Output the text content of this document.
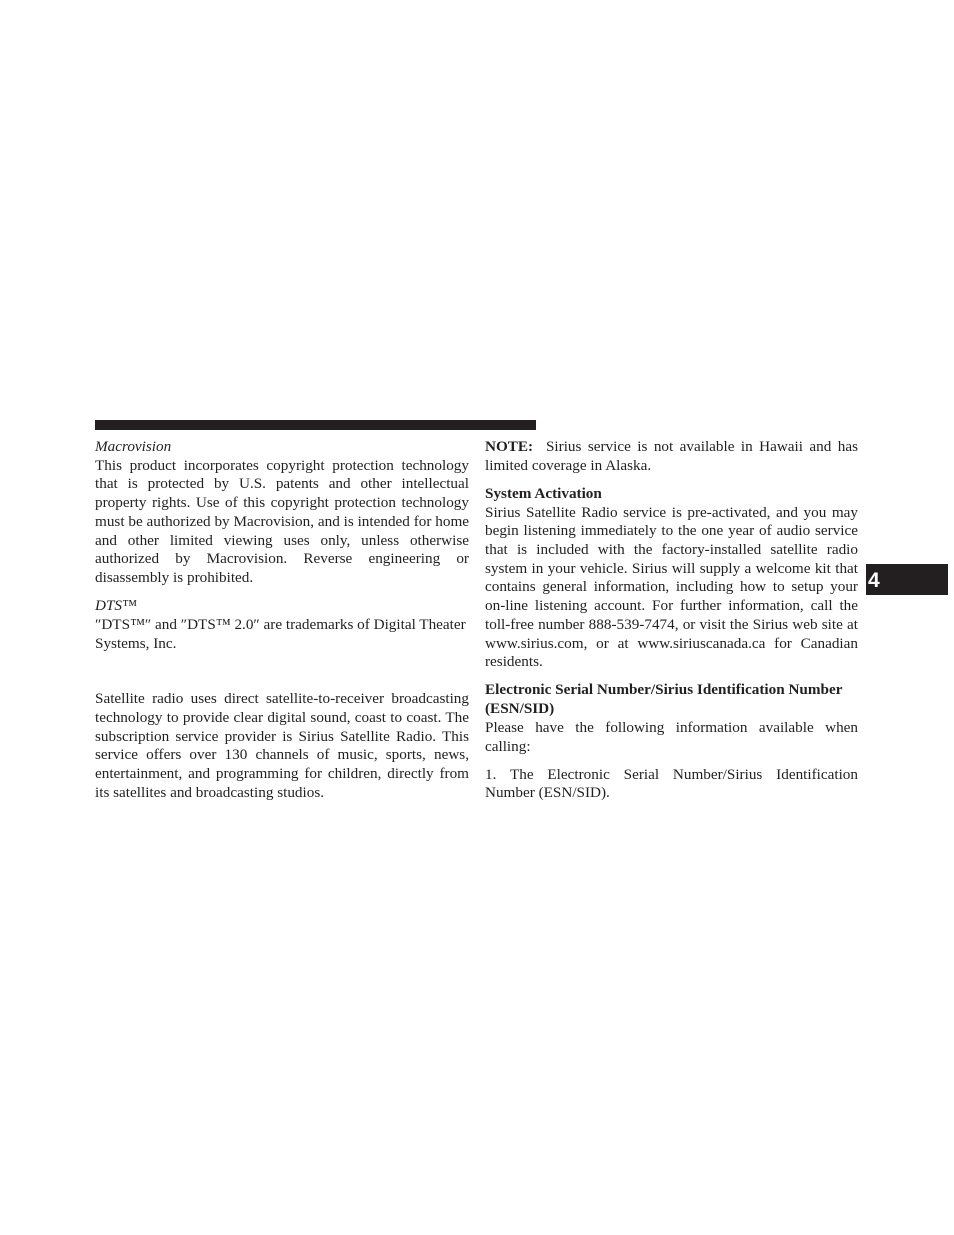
Macrovision

This product incorporates copyright protection technology that is protected by U.S. patents and other intellectual property rights. Use of this copyright protection technology must be authorized by Macrovision, and is intended for home and other limited viewing uses only, unless otherwise authorized by Macrovision. Reverse engineering or disassembly is prohibited.

DTS™

″DTS™″ and ″DTS™ 2.0″ are trademarks of Digital Theater Systems, Inc.

Satellite radio uses direct satellite-to-receiver broadcasting technology to provide clear digital sound, coast to coast. The subscription service provider is Sirius Satellite Radio. This service offers over 130 channels of music, sports, news, entertainment, and programming for children, directly from its satellites and broadcasting studios.

NOTE: Sirius service is not available in Hawaii and has limited coverage in Alaska.

System Activation

Sirius Satellite Radio service is pre-activated, and you may begin listening immediately to the one year of audio service that is included with the factory-installed satellite radio system in your vehicle. Sirius will supply a welcome kit that contains general information, including how to setup your on-line listening account. For further information, call the toll-free number 888-539-7474, or visit the Sirius web site at www.sirius.com, or at www.siriuscanada.ca for Canadian residents.

Electronic Serial Number/Sirius Identification Number (ESN/SID)

Please have the following information available when calling:

1. The Electronic Serial Number/Sirius Identification Number (ESN/SID).

4
